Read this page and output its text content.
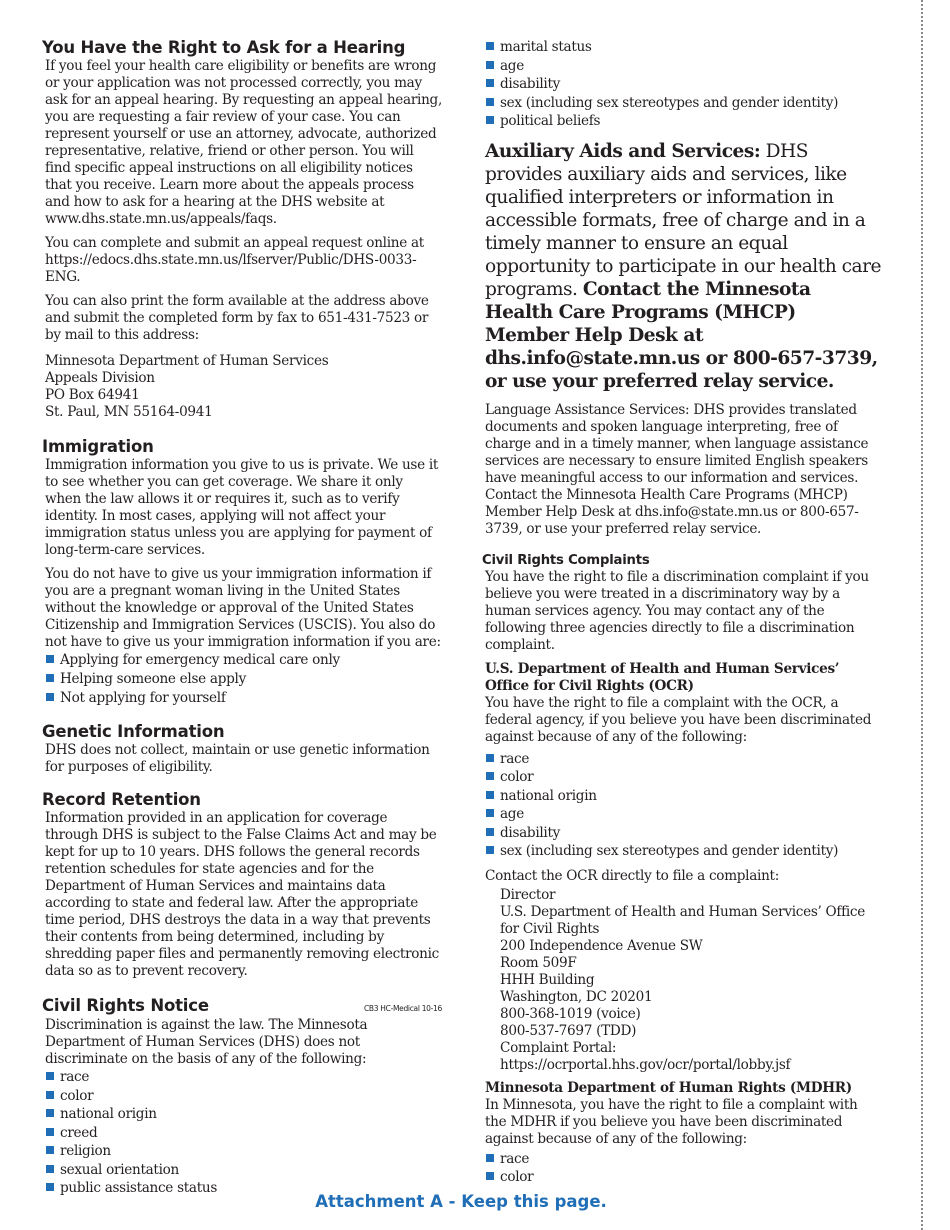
You Have the Right to Ask for a Hearing

If you feel your health care eligibility or benefits are wrong or your application was not processed correctly, you may ask for an appeal hearing. By requesting an appeal hearing, you are requesting a fair review of your case. You can represent yourself or use an attorney, advocate, authorized representative, relative, friend or other person. You will find specific appeal instructions on all eligibility notices that you receive. Learn more about the appeals process and how to ask for a hearing at the DHS website at www.dhs.state.mn.us/appeals/faqs.

You can complete and submit an appeal request online at https://edocs.dhs.state.mn.us/lfserver/Public/DHS-0033-ENG.

You can also print the form available at the address above and submit the completed form by fax to 651-431-7523 or by mail to this address:

Minnesota Department of Human Services
Appeals Division
PO Box 64941
St. Paul, MN 55164-0941
Immigration

Immigration information you give to us is private. We use it to see whether you can get coverage. We share it only when the law allows it or requires it, such as to verify identity. In most cases, applying will not affect your immigration status unless you are applying for payment of long-term-care services.

You do not have to give us your immigration information if you are a pregnant woman living in the United States without the knowledge or approval of the United States Citizenship and Immigration Services (USCIS). You also do not have to give us your immigration information if you are:

Applying for emergency medical care only
Helping someone else apply
Not applying for yourself
Genetic Information

DHS does not collect, maintain or use genetic information for purposes of eligibility.

Record Retention

Information provided in an application for coverage through DHS is subject to the False Claims Act and may be kept for up to 10 years. DHS follows the general records retention schedules for state agencies and for the Department of Human Services and maintains data according to state and federal law. After the appropriate time period, DHS destroys the data in a way that prevents their contents from being determined, including by shredding paper files and permanently removing electronic data so as to prevent recovery.

Civil Rights Notice	CB3 HC-Medical 10-16

Discrimination is against the law. The Minnesota Department of Human Services (DHS) does not discriminate on the basis of any of the following:

race
color
national origin
creed
religion
sexual orientation
public assistance status
marital status
age
disability
sex (including sex stereotypes and gender identity)
political beliefs

Auxiliary Aids and Services: DHS provides auxiliary aids and services, like qualified interpreters or information in accessible formats, free of charge and in a timely manner to ensure an equal opportunity to participate in our health care programs. Contact the Minnesota Health Care Programs (MHCP) Member Help Desk at dhs.info@state.mn.us or 800-657-3739, or use your preferred relay service.

Language Assistance Services: DHS provides translated documents and spoken language interpreting, free of charge and in a timely manner, when language assistance services are necessary to ensure limited English speakers have meaningful access to our information and services. Contact the Minnesota Health Care Programs (MHCP) Member Help Desk at dhs.info@state.mn.us or 800-657-3739, or use your preferred relay service.

Civil Rights Complaints

You have the right to file a discrimination complaint if you believe you were treated in a discriminatory way by a human services agency. You may contact any of the following three agencies directly to file a discrimination complaint.

U.S. Department of Health and Human Services’ Office for Civil Rights (OCR)

You have the right to file a complaint with the OCR, a federal agency, if you believe you have been discriminated against because of any of the following:

race
color
national origin
age
disability
sex (including sex stereotypes and gender identity)

Contact the OCR directly to file a complaint:

Director
U.S. Department of Health and Human Services’ Office for Civil Rights
200 Independence Avenue SW
Room 509F
HHH Building
Washington, DC 20201
800-368-1019 (voice)
800-537-7697 (TDD)
Complaint Portal:
https://ocrportal.hhs.gov/ocr/portal/lobby.jsf

Minnesota Department of Human Rights (MDHR)

In Minnesota, you have the right to file a complaint with the MDHR if you believe you have been discriminated against because of any of the following:

race
color
Attachment A - Keep this page.
